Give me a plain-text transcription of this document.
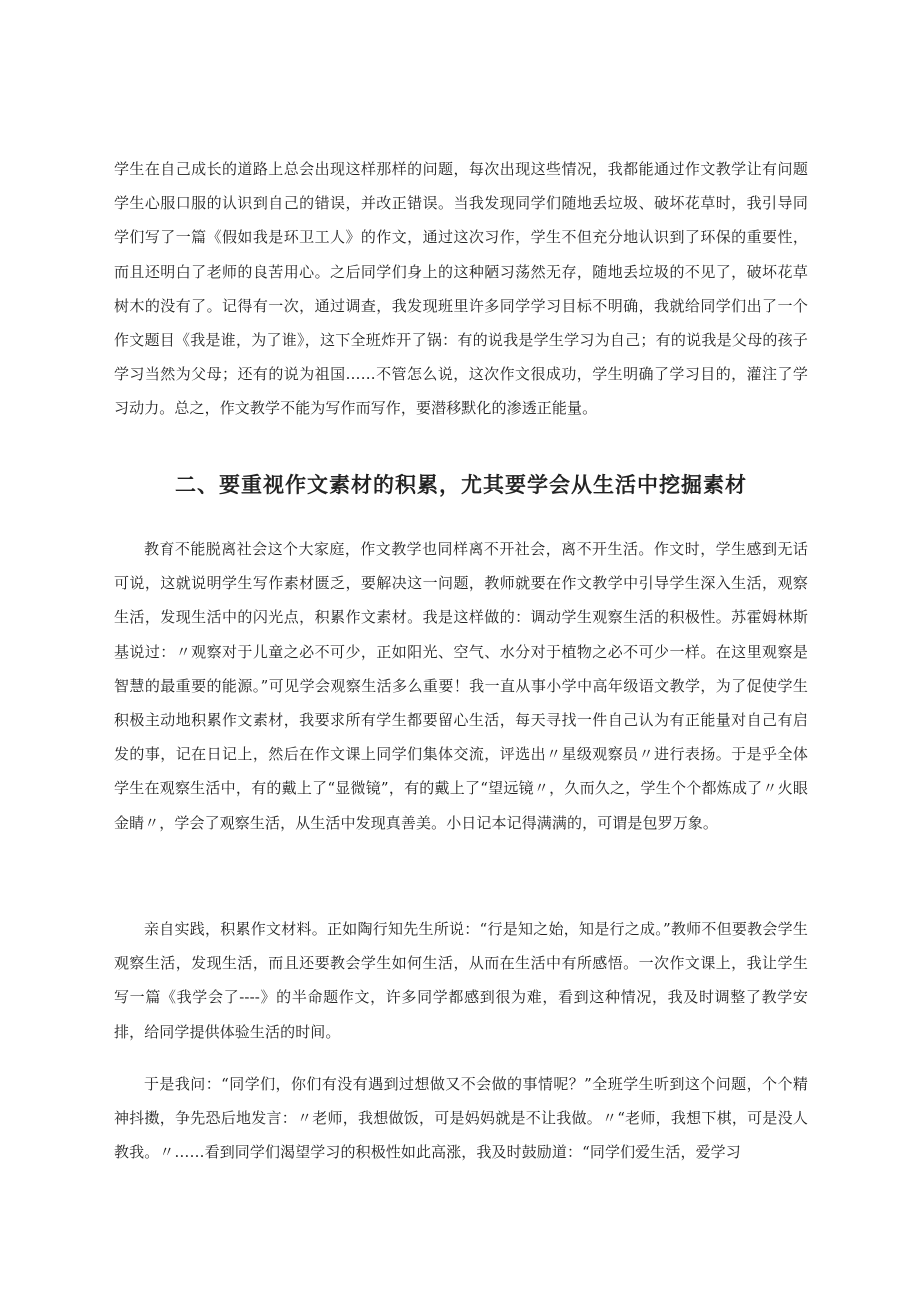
学生在自己成长的道路上总会出现这样那样的问题，每次出现这些情况，我都能通过作文教学让有问题学生心服口服的认识到自己的错误，并改正错误。当我发现同学们随地丢垃圾、破坏花草时，我引导同学们写了一篇《假如我是环卫工人》的作文，通过这次习作，学生不但充分地认识到了环保的重要性，而且还明白了老师的良苦用心。之后同学们身上的这种陋习荡然无存，随地丢垃圾的不见了，破坏花草树木的没有了。记得有一次，通过调查，我发现班里许多同学学习目标不明确，我就给同学们出了一个作文题目《我是谁，为了谁》，这下全班炸开了锅：有的说我是学生学习为自己；有的说我是父母的孩子学习当然为父母；还有的说为祖国……不管怎么说，这次作文很成功，学生明确了学习目的，灌注了学习动力。总之，作文教学不能为写作而写作，要潜移默化的渗透正能量。

二、要重视作文素材的积累，尤其要学会从生活中挖掘素材

教育不能脱离社会这个大家庭，作文教学也同样离不开社会，离不开生活。作文时，学生感到无话可说，这就说明学生写作素材匮乏，要解决这一问题，教师就要在作文教学中引导学生深入生活，观察生活，发现生活中的闪光点，积累作文素材。我是这样做的：调动学生观察生活的积极性。苏霍姆林斯基说过：〃观察对于儿童之必不可少，正如阳光、空气、水分对于植物之必不可少一样。在这里观察是智慧的最重要的能源。”可见学会观察生活多么重要！我一直从事小学中高年级语文教学，为了促使学生积极主动地积累作文素材，我要求所有学生都要留心生活，每天寻找一件自己认为有正能量对自己有启发的事，记在日记上，然后在作文课上同学们集体交流，评选出〃星级观察员〃进行表扬。于是乎全体学生在观察生活中，有的戴上了“显微镜”，有的戴上了“望远镜〃，久而久之，学生个个都炼成了〃火眼金睛〃，学会了观察生活，从生活中发现真善美。小日记本记得满满的，可谓是包罗万象。

亲自实践，积累作文材料。正如陶行知先生所说：“行是知之始，知是行之成。”教师不但要教会学生观察生活，发现生活，而且还要教会学生如何生活，从而在生活中有所感悟。一次作文课上，我让学生写一篇《我学会了----》的半命题作文，许多同学都感到很为难，看到这种情况，我及时调整了教学安排，给同学提供体验生活的时间。

于是我问：“同学们，你们有没有遇到过想做又不会做的事情呢？”全班学生听到这个问题，个个精神抖擞，争先恐后地发言：〃老师，我想做饭，可是妈妈就是不让我做。〃“老师，我想下棋，可是没人教我。〃……看到同学们渴望学习的积极性如此高涨，我及时鼓励道：“同学们爱生活，爱学习
